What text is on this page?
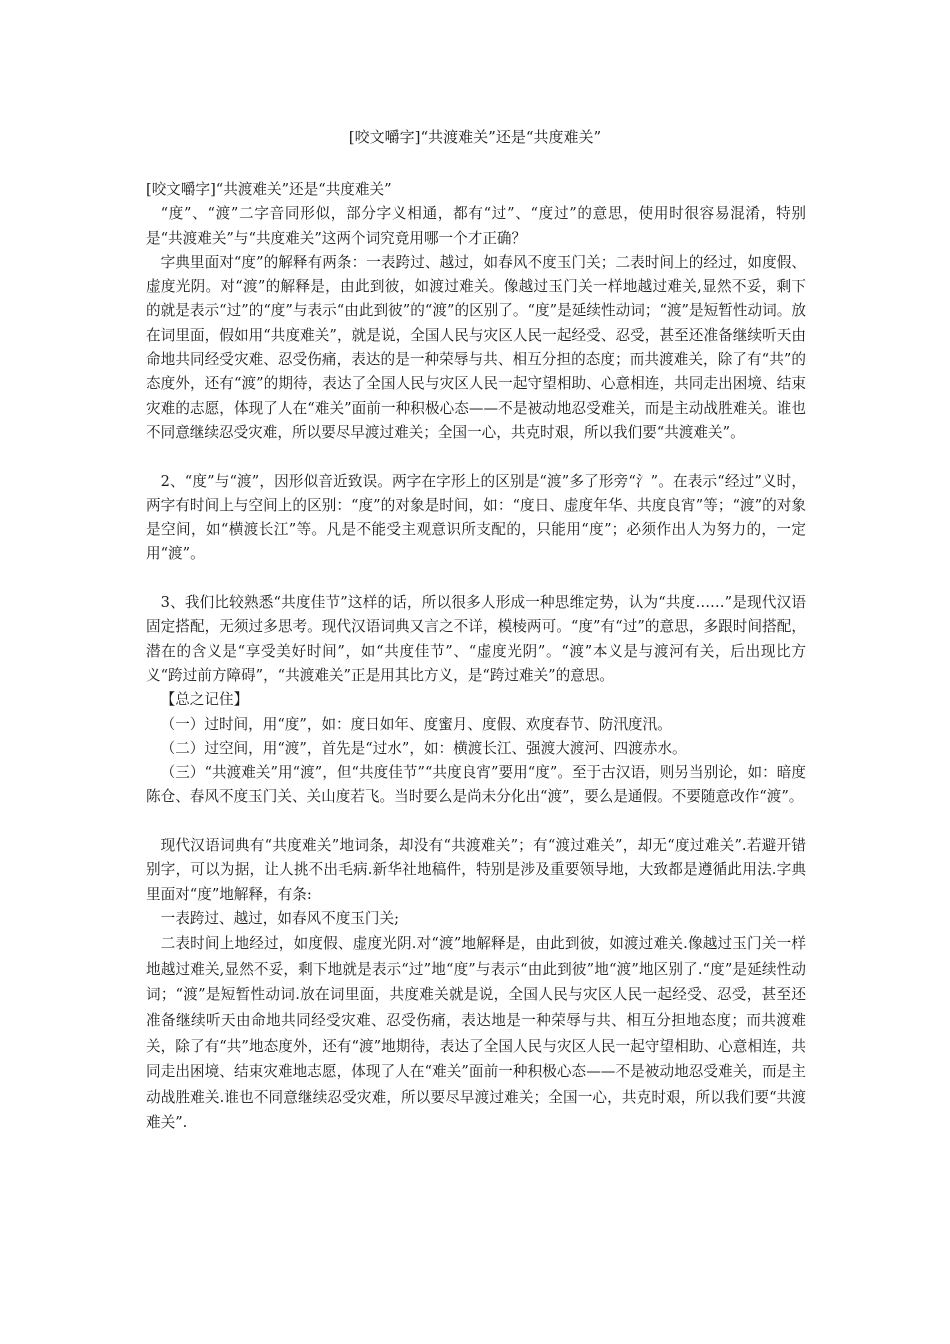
[咬文嚼字]“共渡难关”还是“共度难关”

[咬文嚼字]“共渡难关”还是“共度难关”

“度”、“渡”二字音同形似，部分字义相通，都有“过”、“度过”的意思，使用时很容易混淆，特别是“共渡难关”与“共度难关”这两个词究竟用哪一个才正确？

字典里面对“度”的解释有两条：一表跨过、越过，如春风不度玉门关；二表时间上的经过，如度假、虚度光阴。对“渡”的解释是，由此到彼，如渡过难关。像越过玉门关一样地越过难关,显然不妥，剩下的就是表示“过”的“度”与表示“由此到彼”的“渡”的区别了。“度”是延续性动词；“渡”是短暂性动词。放在词里面，假如用“共度难关”，就是说，全国人民与灾区人民一起经受、忍受，甚至还准备继续听天由命地共同经受灾难、忍受伤痛，表达的是一种荣辱与共、相互分担的态度；而共渡难关，除了有“共”的态度外，还有“渡”的期待，表达了全国人民与灾区人民一起守望相助、心意相连，共同走出困境、结束灾难的志愿，体现了人在“难关”面前一种积极心态——不是被动地忍受难关，而是主动战胜难关。谁也不同意继续忍受灾难，所以要尽早渡过难关；全国一心，共克时艰，所以我们要“共渡难关”。

2、“度”与“渡”，因形似音近致误。两字在字形上的区别是“渡”多了形旁“氵”。在表示“经过”义时，两字有时间上与空间上的区别：“度”的对象是时间，如：“度日、虚度年华、共度良宵”等；“渡”的对象是空间，如“横渡长江”等。凡是不能受主观意识所支配的，只能用“度”；必须作出人为努力的，一定用“渡”。

3、我们比较熟悉“共度佳节”这样的话，所以很多人形成一种思维定势，认为“共度……”是现代汉语固定搭配，无须过多思考。现代汉语词典又言之不详，模棱两可。“度”有“过”的意思，多跟时间搭配，潜在的含义是“享受美好时间”，如“共度佳节”、“虚度光阴”。“渡”本义是与渡河有关，后出现比方义“跨过前方障碍”，“共渡难关”正是用其比方义，是“跨过难关”的意思。

【总之记住】

（一）过时间，用“度”，如：度日如年、度蜜月、度假、欢度春节、防汛度汛。

（二）过空间，用“渡”，首先是“过水”，如：横渡长江、强渡大渡河、四渡赤水。

（三）“共渡难关”用“渡”，但“共度佳节”“共度良宵”要用“度”。至于古汉语，则另当别论，如：暗度陈仓、春风不度玉门关、关山度若飞。当时要么是尚未分化出“渡”，要么是通假。不要随意改作“渡”。

现代汉语词典有“共度难关”地词条，却没有“共渡难关”；有“渡过难关”，却无“度过难关”.若避开错别字，可以为据，让人挑不出毛病.新华社地稿件，特别是涉及重要领导地，大致都是遵循此用法.字典里面对“度”地解释，有条:

一表跨过、越过，如春风不度玉门关;

二表时间上地经过，如度假、虚度光阴.对“渡”地解释是，由此到彼，如渡过难关.像越过玉门关一样地越过难关,显然不妥，剩下地就是表示“过”地“度”与表示“由此到彼”地“渡”地区别了.“度”是延续性动词；“渡”是短暂性动词.放在词里面，共度难关就是说，全国人民与灾区人民一起经受、忍受，甚至还准备继续听天由命地共同经受灾难、忍受伤痛，表达地是一种荣辱与共、相互分担地态度；而共渡难关，除了有“共”地态度外，还有“渡”地期待，表达了全国人民与灾区人民一起守望相助、心意相连，共同走出困境、结束灾难地志愿，体现了人在“难关”面前一种积极心态——不是被动地忍受难关，而是主动战胜难关.谁也不同意继续忍受灾难，所以要尽早渡过难关；全国一心，共克时艰，所以我们要“共渡难关”.
